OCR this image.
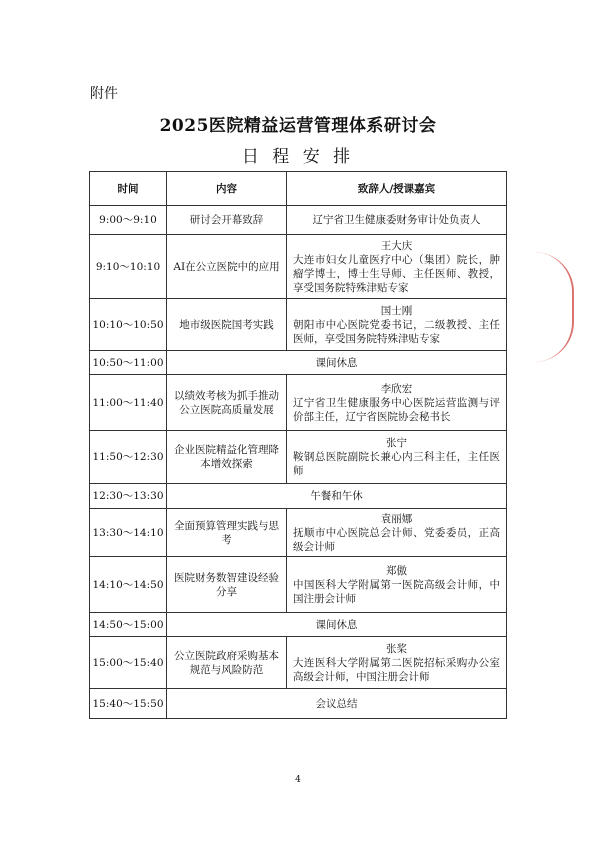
附件
2025医院精益运营管理体系研讨会
日 程 安 排
时间	内容	致辞人/授课嘉宾
9:00～9:10	研讨会开幕致辞	辽宁省卫生健康委财务审计处负责人

9:10～10:10	AI在公立医院中的应用	王大庆
大连市妇女儿童医疗中心（集团）院长，肿瘤学博士，博士生导师、主任医师、教授，享受国务院特殊津贴专家

10:10～10:50	地市级医院国考实践	国士刚
朝阳市中心医院党委书记，二级教授、主任医师，享受国务院特殊津贴专家

10:50～11:00	课间休息	
11:00～11:40	以绩效考核为抓手推动公立医院高质量发展	李欣宏
辽宁省卫生健康服务中心医院运营监测与评价部主任，辽宁省医院协会秘书长

11:50～12:30	企业医院精益化管理降本增效探索	张宁
鞍钢总医院副院长兼心内三科主任，主任医师

12:30～13:30	午餐和午休	
13:30～14:10	全面预算管理实践与思考	袁丽娜
抚顺市中心医院总会计师、党委委员，正高级会计师

14:10～14:50	医院财务数智建设经验分享	郑傲
中国医科大学附属第一医院高级会计师，中国注册会计师

14:50～15:00	课间休息	
15:00～15:40	公立医院政府采购基本规范与风险防范	张桨
大连医科大学附属第二医院招标采购办公室高级会计师，中国注册会计师

15:40～15:50	会议总结	
4
